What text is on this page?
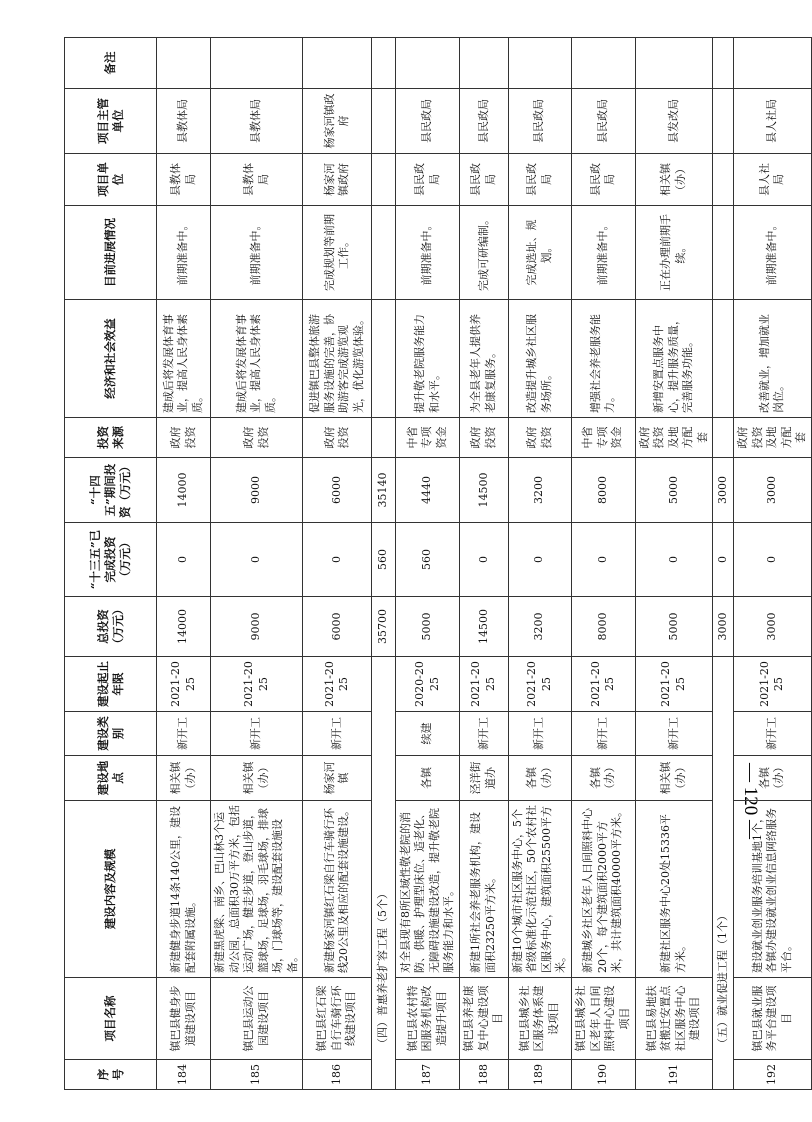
— 120 —
序号	项目名称	建设内容及规模	建设地点	建设类别	建设起止年限	总投资（万元）	“十三五”已完成投资（万元）	“十四五”期间投资（万元）	投资来源	经济和社会效益	目前进展情况	项目单位	项目主管单位	备注
184	镇巴县健身步道建设项目	新建健身步道14条140公里，建设配套附属设施。	相关镇（办）	新开工	2021-2025	14000	0	14000	政府投资	建成后将发展体育事业，提高人民身体素质。	前期准备中。	县教体局	县教体局	
185	镇巴县运动公园建设项目	新建黑虎梁、南乡、巴山林3个运动公园，总面积30万平方米，包括运动广场，健走步道，登山步道，篮球场，足球场，羽毛球场，排球场，门球场等，建设配套设施设备。	相关镇（办）	新开工	2021-2025	9000	0	9000	政府投资	建成后将发展体育事业，提高人民身体素质。	前期准备中。	县教体局	县教体局	
186	镇巴县红石梁自行车骑行环线建设项目	新建杨家河镇红石梁自行车骑行环线20公里及相应的配套设施建设。	杨家河镇	新开工	2021-2025	6000	0	6000	政府投资	促进镇巴县整体旅游服务设施的完善，协助游客完成游览观光，优化游览体验。	完成规划等前期工作。	杨家河镇政府	杨家河镇政府	
（四）普惠养老扩容工程（5个）						35700	560	35140						
187	镇巴县农村特困服务机构改造提升项目	对全县现有8所区域性敬老院的消防、供暖、护理型床位、适老化、无障碍设施建设改造，提升敬老院服务能力和水平。	各镇	续建	2020-2025	5000	560	4440	中省专项资金	提升敬老院服务能力和水平。	前期准备中。	县民政局	县民政局	
188	镇巴县养老康复中心建设项目	新建1所社会养老服务机构，建设面积23250平方米。	泾洋街道办	新开工	2021-2025	14500	0	14500	政府投资	为全县老年人提供养老康复服务。	完成可研编制。	县民政局	县民政局	
189	镇巴县城乡社区服务体系建设项目	新建10个城市社区服务中心，5个省级标准化示范社区，50个农村社区服务中心，建筑面积25500平方米。	各镇（办）	新开工	2021-2025	3200	0	3200	政府投资	改造提升城乡社区服务场所。	完成选址、规划。	县民政局	县民政局	
190	镇巴县城乡社区老年人日间照料中心建设项目	新建城乡社区老年人日间照料中心20个，每个建筑面积2000平方米，共计建筑面积40000平方米。	各镇（办）	新开工	2021-2025	8000	0	8000	中省专项资金	增强社会养老服务能力。	前期准备中。	县民政局	县民政局	
191	镇巴县易地扶贫搬迁安置点社区服务中心建设项目	新建社区服务中心20处15336平方米。	相关镇（办）	新开工	2021-2025	5000	0	5000	政府投资及地方配套	新增安置点服务中心，提升服务质量，完善服务功能。	正在办理前期手续。	相关镇（办）	县发改局	
（五）就业促进工程（1个）						3000	0	3000						
192	镇巴县就业服务平台建设项目	建设就业创业服务培训基地1个，各镇办建设就业创业信息网络服务平台。	各镇（办）	新开工	2021-2025	3000	0	3000	政府投资及地方配套	改善就业，增加就业岗位。	前期准备中。	县人社局	县人社局	
